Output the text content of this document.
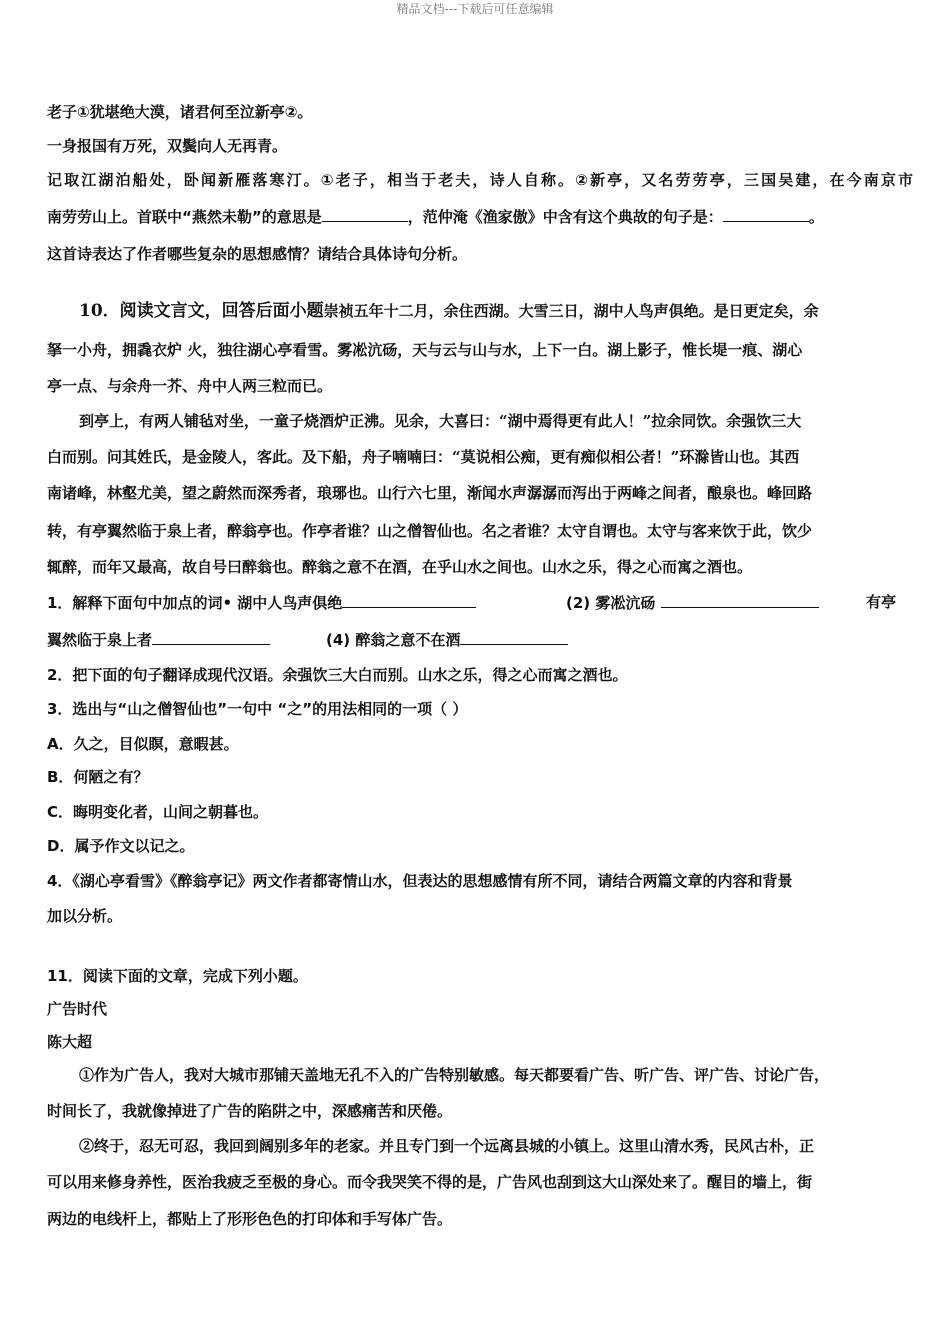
精品文档---下载后可任意编辑
老子①犹堪绝大漠，诸君何至泣新亭②。
一身报国有万死，双鬓向人无再青。
记取江湖泊船处，卧闻新雁落寒汀。①老子，相当于老夫，诗人自称。②新亭，又名劳劳亭，三国吴建，在今南京市
南劳劳山上。首联中“燕然未勒”的意思是	，范仲淹《渔家傲》中含有这个典故的句子是：	。
这首诗表达了作者哪些复杂的思想感情？请结合具体诗句分析。
10．阅读文言文，回答后面小题崇祯五年十二月，余住西湖。大雪三日，湖中人鸟声俱绝。是日更定矣，余
拏一小舟，拥毳衣炉 火，独往湖心亭看雪。雾凇沆砀，天与云与山与水，上下一白。湖上影子，惟长堤一痕、湖心
亭一点、与余舟一芥、舟中人两三粒而已。
到亭上，有两人铺毡对坐，一童子烧酒炉正沸。见余，大喜曰：“湖中焉得更有此人！”拉余同饮。余强饮三大
白而别。问其姓氏，是金陵人，客此。及下船，舟子喃喃曰：“莫说相公痴，更有痴似相公者！”环滁皆山也。其西
南诸峰，林壑尤美，望之蔚然而深秀者，琅琊也。山行六七里，渐闻水声潺潺而泻出于两峰之间者，酿泉也。峰回路
转，有亭翼然临于泉上者，醉翁亭也。作亭者谁？山之僧智仙也。名之者谁？太守自谓也。太守与客来饮于此，饮少
辄醉，而年又最高，故自号曰醉翁也。醉翁之意不在酒，在乎山水之间也。山水之乐，得之心而寓之酒也。
1．解释下面句中加点的词• 湖中人鸟声俱绝	(2) 雾凇沆砀	有亭
翼然临于泉上者	(4) 醉翁之意不在酒
2．把下面的句子翻译成现代汉语。余强饮三大白而别。山水之乐，得之心而寓之酒也。
3．选出与“山之僧智仙也”一句中 “之”的用法相同的一项（ ）
A．久之，目似瞑，意暇甚。
B．何陋之有？
C．晦明变化者，山间之朝暮也。
D．属予作文以记之。
4．《湖心亭看雪》《醉翁亭记》两文作者都寄情山水，但表达的思想感情有所不同，请结合两篇文章的内容和背景
加以分析。
11．阅读下面的文章，完成下列小题。
广告时代
陈大超
①作为广告人，我对大城市那铺天盖地无孔不入的广告特别敏感。每天都要看广告、听广告、评广告、讨论广告，
时间长了，我就像掉进了广告的陷阱之中，深感痛苦和厌倦。
②终于，忍无可忍，我回到阔别多年的老家。并且专门到一个远离县城的小镇上。这里山清水秀，民风古朴，正
可以用来修身养性，医治我疲乏至极的身心。而令我哭笑不得的是，广告风也刮到这大山深处来了。醒目的墙上，街
两边的电线杆上，都贴上了形形色色的打印体和手写体广告。
